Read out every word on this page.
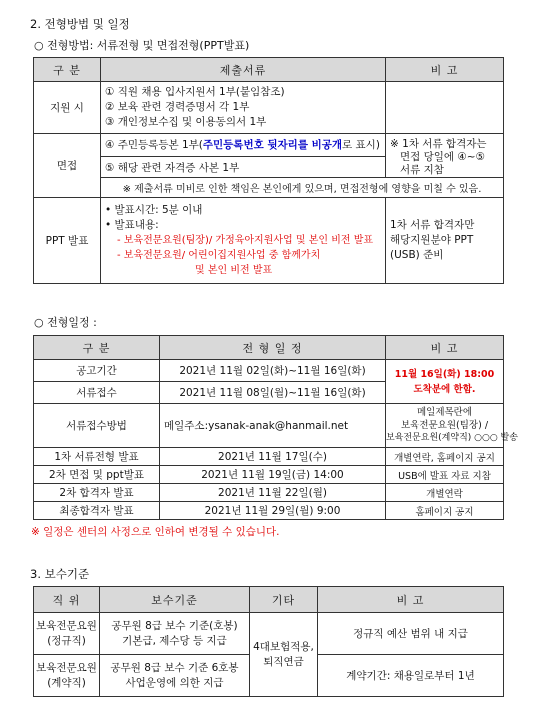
2. 전형방법 및 일정
○ 전형방법: 서류전형 및 면접전형(PPT발표)
구 분	제출서류	비 고
지원 시	① 직원 채용 입사지원서 1부(붙임참조)
② 보육 관련 경력증명서 각 1부
③ 개인정보수집 및 이용동의서 1부	

면접	④ 주민등록등본 1부(주민등록번호 뒷자리를 비공개로 표시)	※ 1차 서류 합격자는
면접 당일에 ④~⑤
서류 지참

	⑤ 해당 관련 자격증 사본 1부	
	※ 제출서류 미비로 인한 책임은 본인에게 있으며, 면접전형에 영향을 미칠 수 있음.	
PPT 발표	• 발표시간: 5분 이내
• 발표내용:
- 보육전문요원(팀장)/ 가정육아지원사업 및 본인 비전 발표
- 보육전문요원/ 어린이집지원사업 중 함께가치
및 본인 비전 발표	1차 서류 합격자만
해당지원분야 PPT
(USB) 준비
○ 전형일정 :
구 분	전 형 일 정	비 고
공고기간	2021년 11월 02일(화)~11월 16일(화)	11월 16일(화) 18:00
도착분에 한함.

서류접수	2021년 11월 08일(월)~11월 16일(화)	
서류접수방법	메일주소:ysanak-anak@hanmail.net	메일제목란에
보육전문요원(팀장) /
보육전문요원(계약직) ○○○ 발송

1차 서류전형 발표	2021년 11월 17일(수)	개별연락, 홈페이지 공지
2차 면접 및 ppt발표	2021년 11월 19일(금) 14:00	USB에 발표 자료 지참
2차 합격자 발표	2021년 11월 22일(월)	개별연락
최종합격자 발표	2021년 11월 29일(월) 9:00	홈페이지 공지
※ 일정은 센터의 사정으로 인하여 변경될 수 있습니다.
3. 보수기준
직 위	보수기준	기타	비 고

보육전문요원
(정규직)	공무원 8급 보수 기준(호봉)
기본급, 제수당 등 지급	4대보험적용,
퇴직연금	정규직 예산 범위 내 지급

보육전문요원
(계약직)	공무원 8급 보수 기준 6호봉
사업운영에 의한 지급		계약기간: 채용일로부터 1년
